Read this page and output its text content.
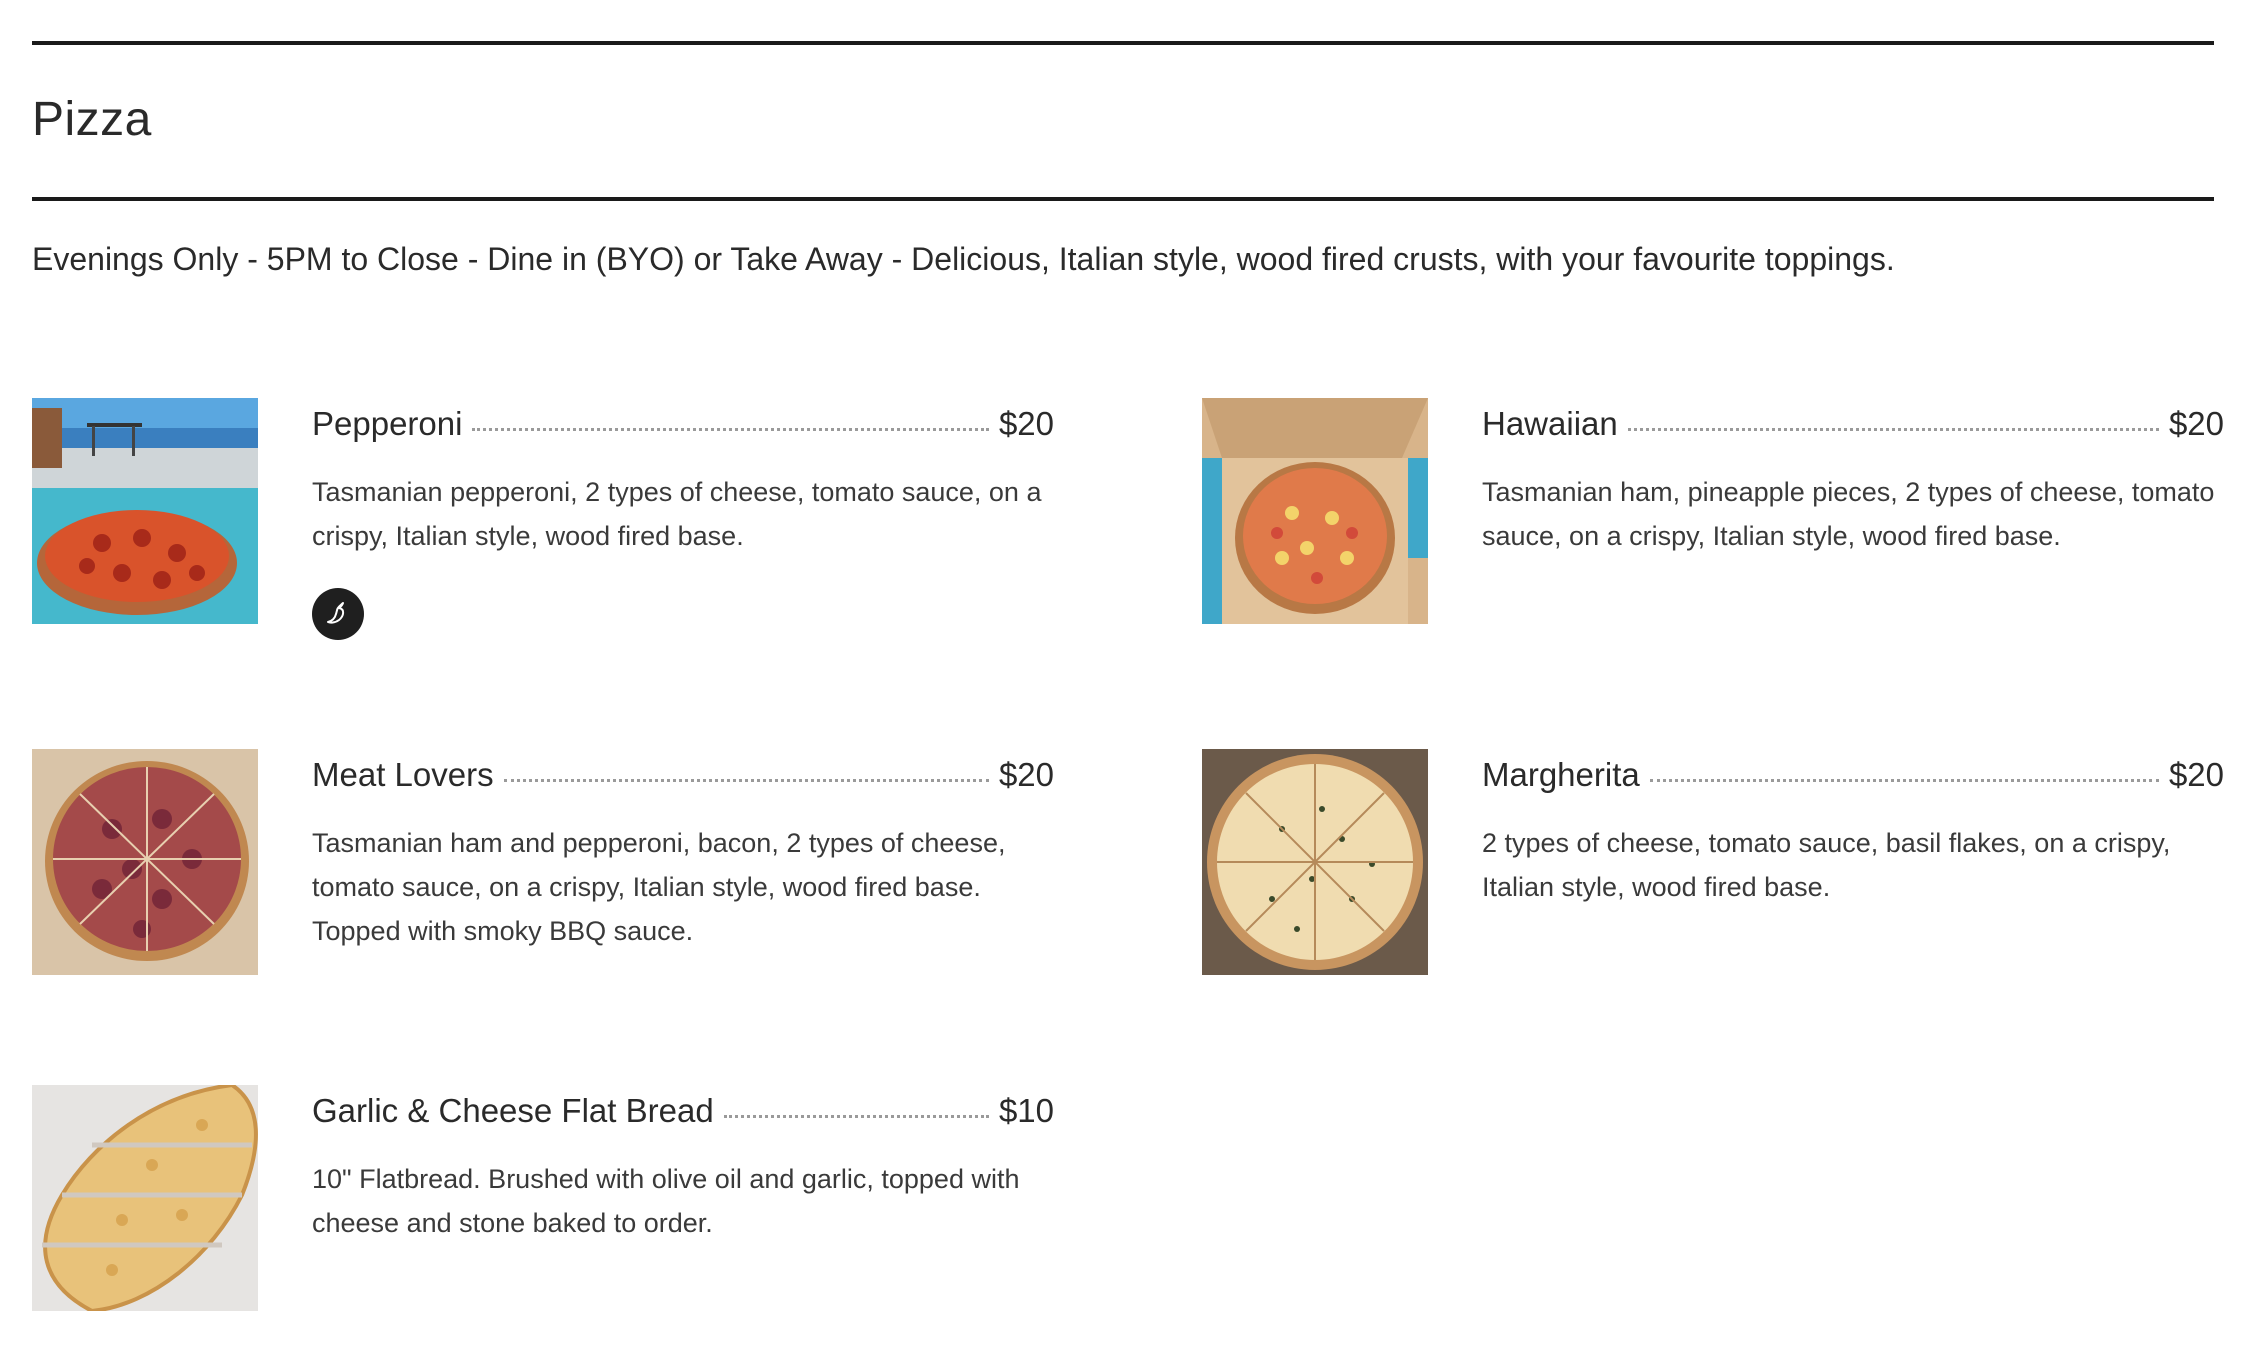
Pizza
Evenings Only - 5PM to Close - Dine in (BYO) or Take Away - Delicious, Italian style, wood fired crusts, with your favourite toppings.
Pepperoni	$20
Tasmanian pepperoni, 2 types of cheese, tomato sauce, on a crispy, Italian style, wood fired base.
Hawaiian	$20
Tasmanian ham, pineapple pieces, 2 types of cheese, tomato sauce, on a crispy, Italian style, wood fired base.
Meat Lovers	$20
Tasmanian ham and pepperoni, bacon, 2 types of cheese, tomato sauce, on a crispy, Italian style, wood fired base. Topped with smoky BBQ sauce.
Margherita	$20
2 types of cheese, tomato sauce, basil flakes, on a crispy, Italian style, wood fired base.
Garlic & Cheese Flat Bread	$10
10" Flatbread. Brushed with olive oil and garlic, topped with cheese and stone baked to order.
